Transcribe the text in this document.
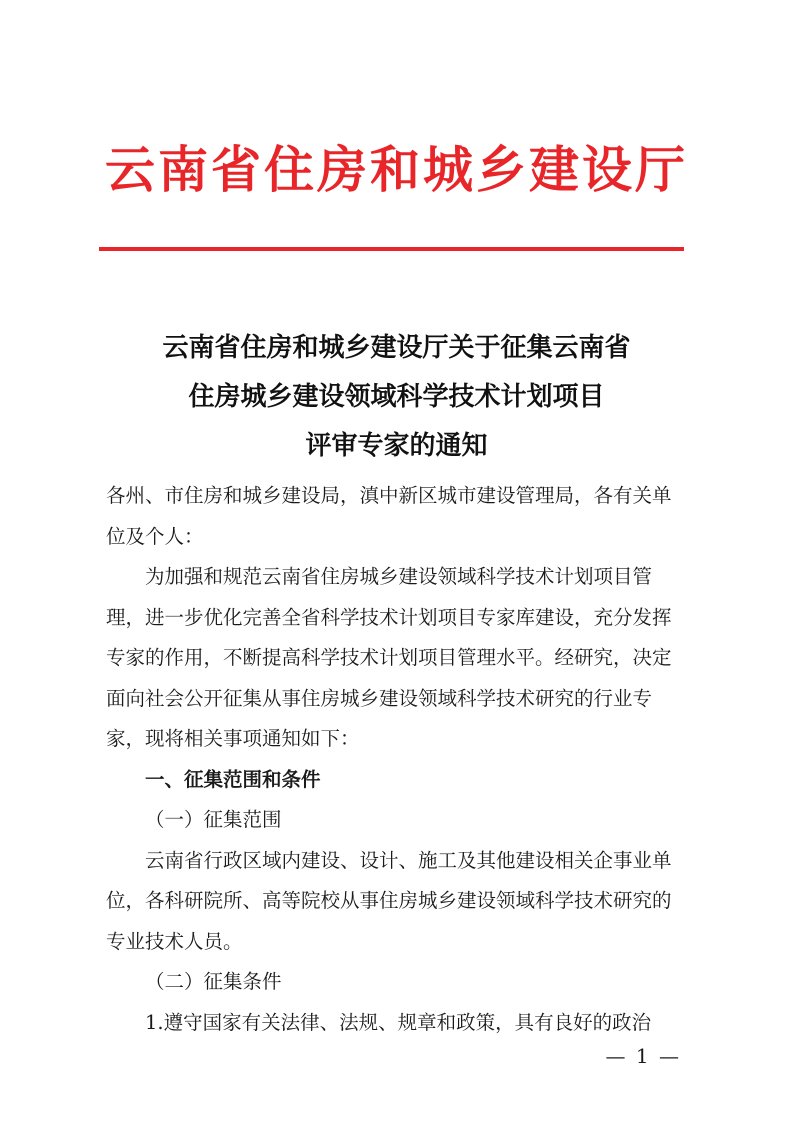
云南省住房和城乡建设厅
云南省住房和城乡建设厅关于征集云南省
住房城乡建设领域科学技术计划项目
评审专家的通知

各州、市住房和城乡建设局，滇中新区城市建设管理局，各有关单位及个人：

为加强和规范云南省住房城乡建设领域科学技术计划项目管理，进一步优化完善全省科学技术计划项目专家库建设，充分发挥专家的作用，不断提高科学技术计划项目管理水平。经研究，决定面向社会公开征集从事住房城乡建设领域科学技术研究的行业专家，现将相关事项通知如下：

一、征集范围和条件

（一）征集范围

云南省行政区域内建设、设计、施工及其他建设相关企事业单位，各科研院所、高等院校从事住房城乡建设领域科学技术研究的专业技术人员。

（二）征集条件

1.遵守国家有关法律、法规、规章和政策，具有良好的政治

— 1 —
